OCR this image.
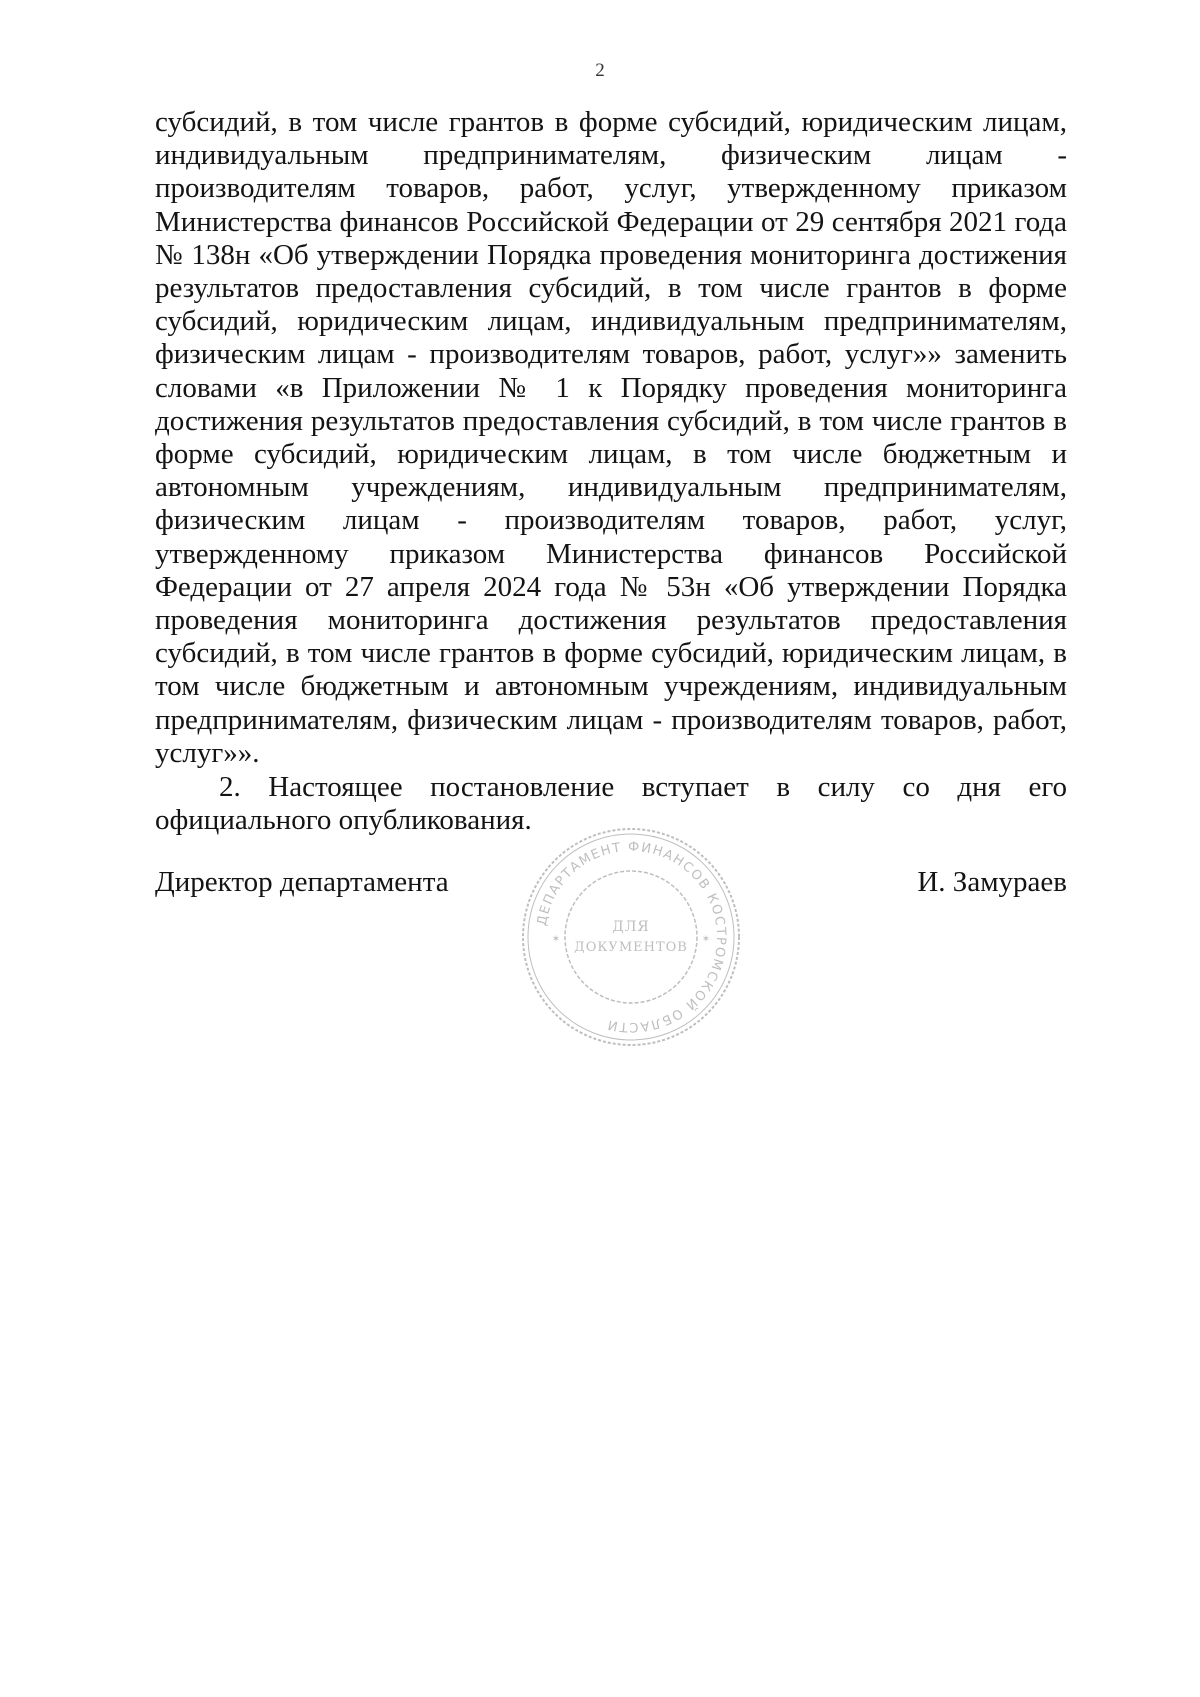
2

субсидий, в том числе грантов в форме субсидий, юридическим лицам, индивидуальным предпринимателям, физическим лицам - производителям товаров, работ, услуг, утвержденному приказом Министерства финансов Российской Федерации от 29 сентября 2021 года № 138н «Об утверждении Порядка проведения мониторинга достижения результатов предоставления субсидий, в том числе грантов в форме субсидий, юридическим лицам, индивидуальным предпринимателям, физическим лицам - производителям товаров, работ, услуг»» заменить словами «в Приложении № 1 к Порядку проведения мониторинга достижения результатов предоставления субсидий, в том числе грантов в форме субсидий, юридическим лицам, в том числе бюджетным и автономным учреждениям, индивидуальным предпринимателям, физическим лицам - производителям товаров, работ, услуг, утвержденному приказом Министерства финансов Российской Федерации от 27 апреля 2024 года № 53н «Об утверждении Порядка проведения мониторинга достижения результатов предоставления субсидий, в том числе грантов в форме субсидий, юридическим лицам, в том числе бюджетным и автономным учреждениям, индивидуальным предпринимателям, физическим лицам - производителям товаров, работ, услуг»».

2. Настоящее постановление вступает в силу со дня его официального опубликования.

Директор департамента	И. Замураев
ДЕПАРТАМЕНТ ФИНАНСОВ КОСТРОМСКОЙ ОБЛАСТИ
ДЛЯ
ДОКУМЕНТОВ
✶	✶
